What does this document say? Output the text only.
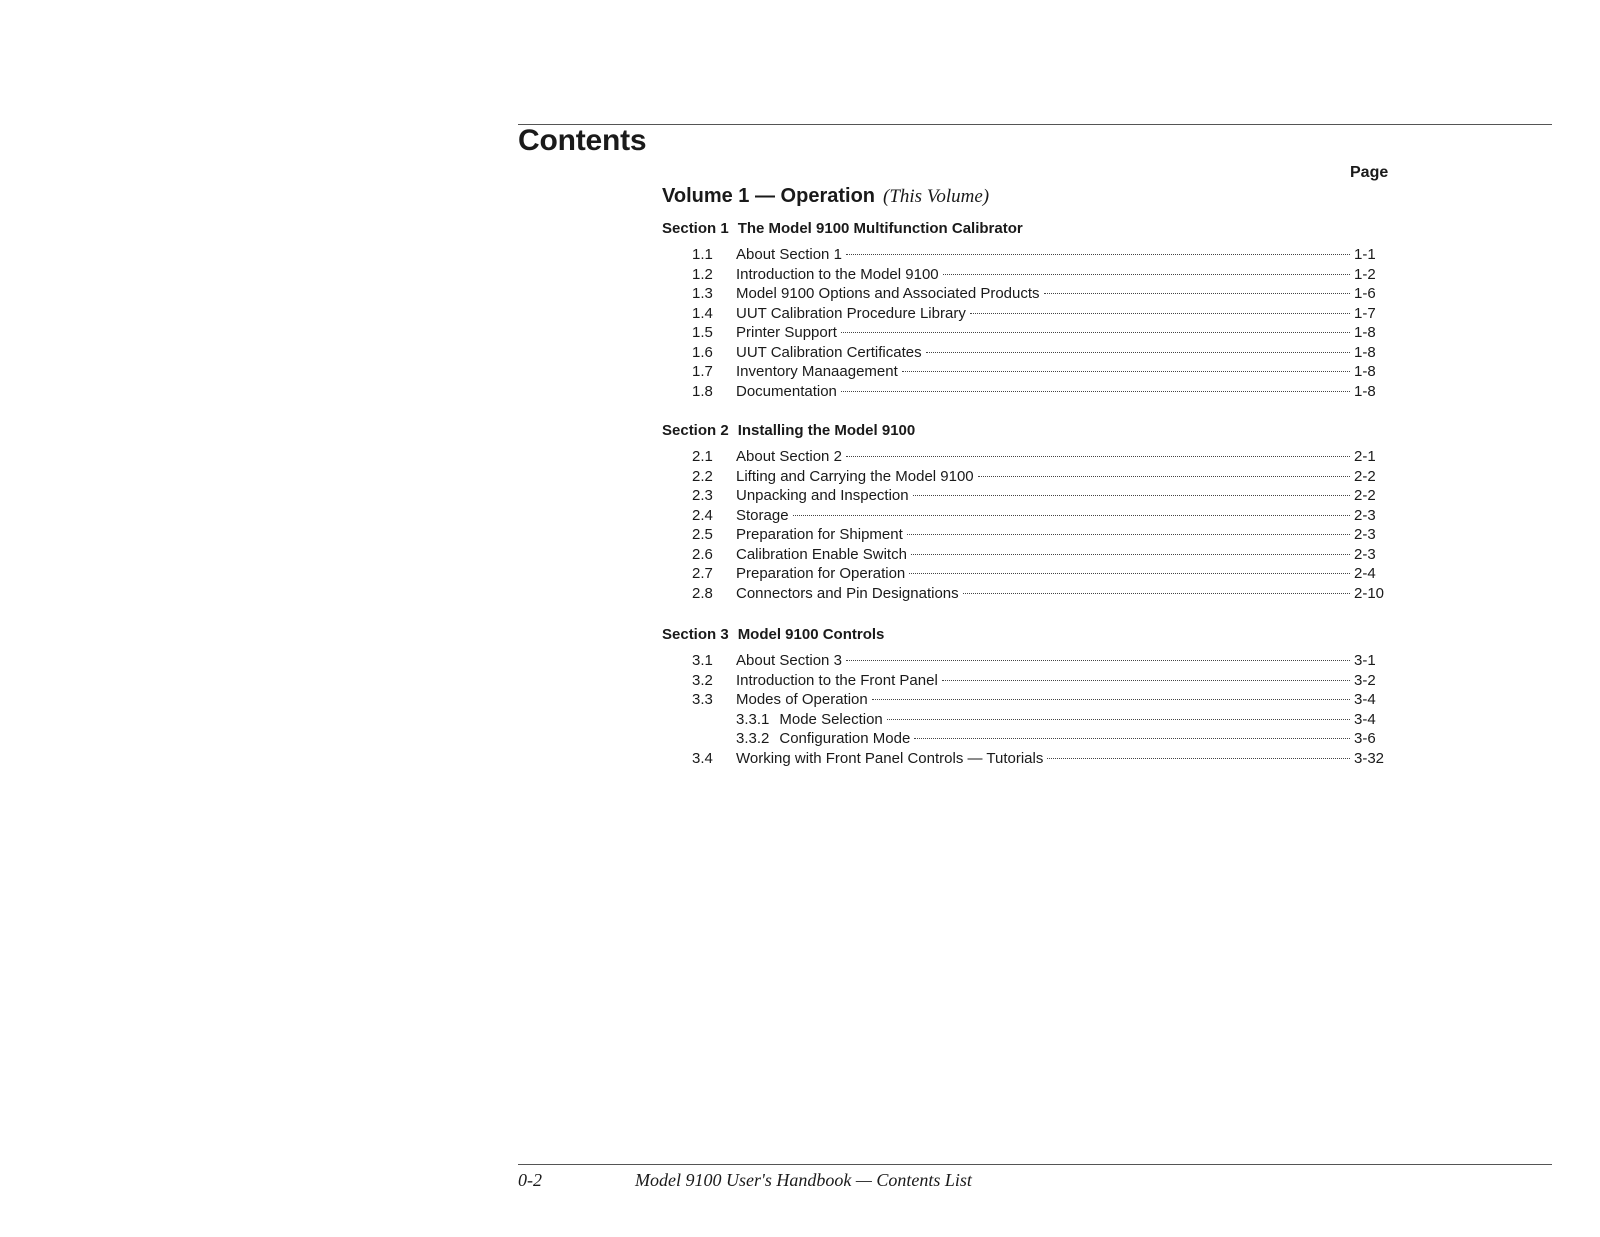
Contents
Page
Volume 1 — Operation (This Volume)
Section 1 The Model 9100 Multifunction Calibrator
1.1	About Section 1	1-1
1.2	Introduction to the Model 9100	1-2
1.3	Model 9100 Options and Associated Products	1-6
1.4	UUT Calibration Procedure Library	1-7
1.5	Printer Support	1-8
1.6	UUT Calibration Certificates	1-8
1.7	Inventory Manaagement	1-8
1.8	Documentation	1-8
Section 2 Installing the Model 9100
2.1	About Section 2	2-1
2.2	Lifting and Carrying the Model 9100	2-2
2.3	Unpacking and Inspection	2-2
2.4	Storage	2-3
2.5	Preparation for Shipment	2-3
2.6	Calibration Enable Switch	2-3
2.7	Preparation for Operation	2-4
2.8	Connectors and Pin Designations	2-10
Section 3 Model 9100 Controls
3.1	About Section 3	3-1
3.2	Introduction to the Front Panel	3-2
3.3	Modes of Operation	3-4
3.3.1 Mode Selection	3-4
3.3.2 Configuration Mode	3-6
3.4	Working with Front Panel Controls — Tutorials	3-32
0-2	Model 9100 User's Handbook — Contents List
